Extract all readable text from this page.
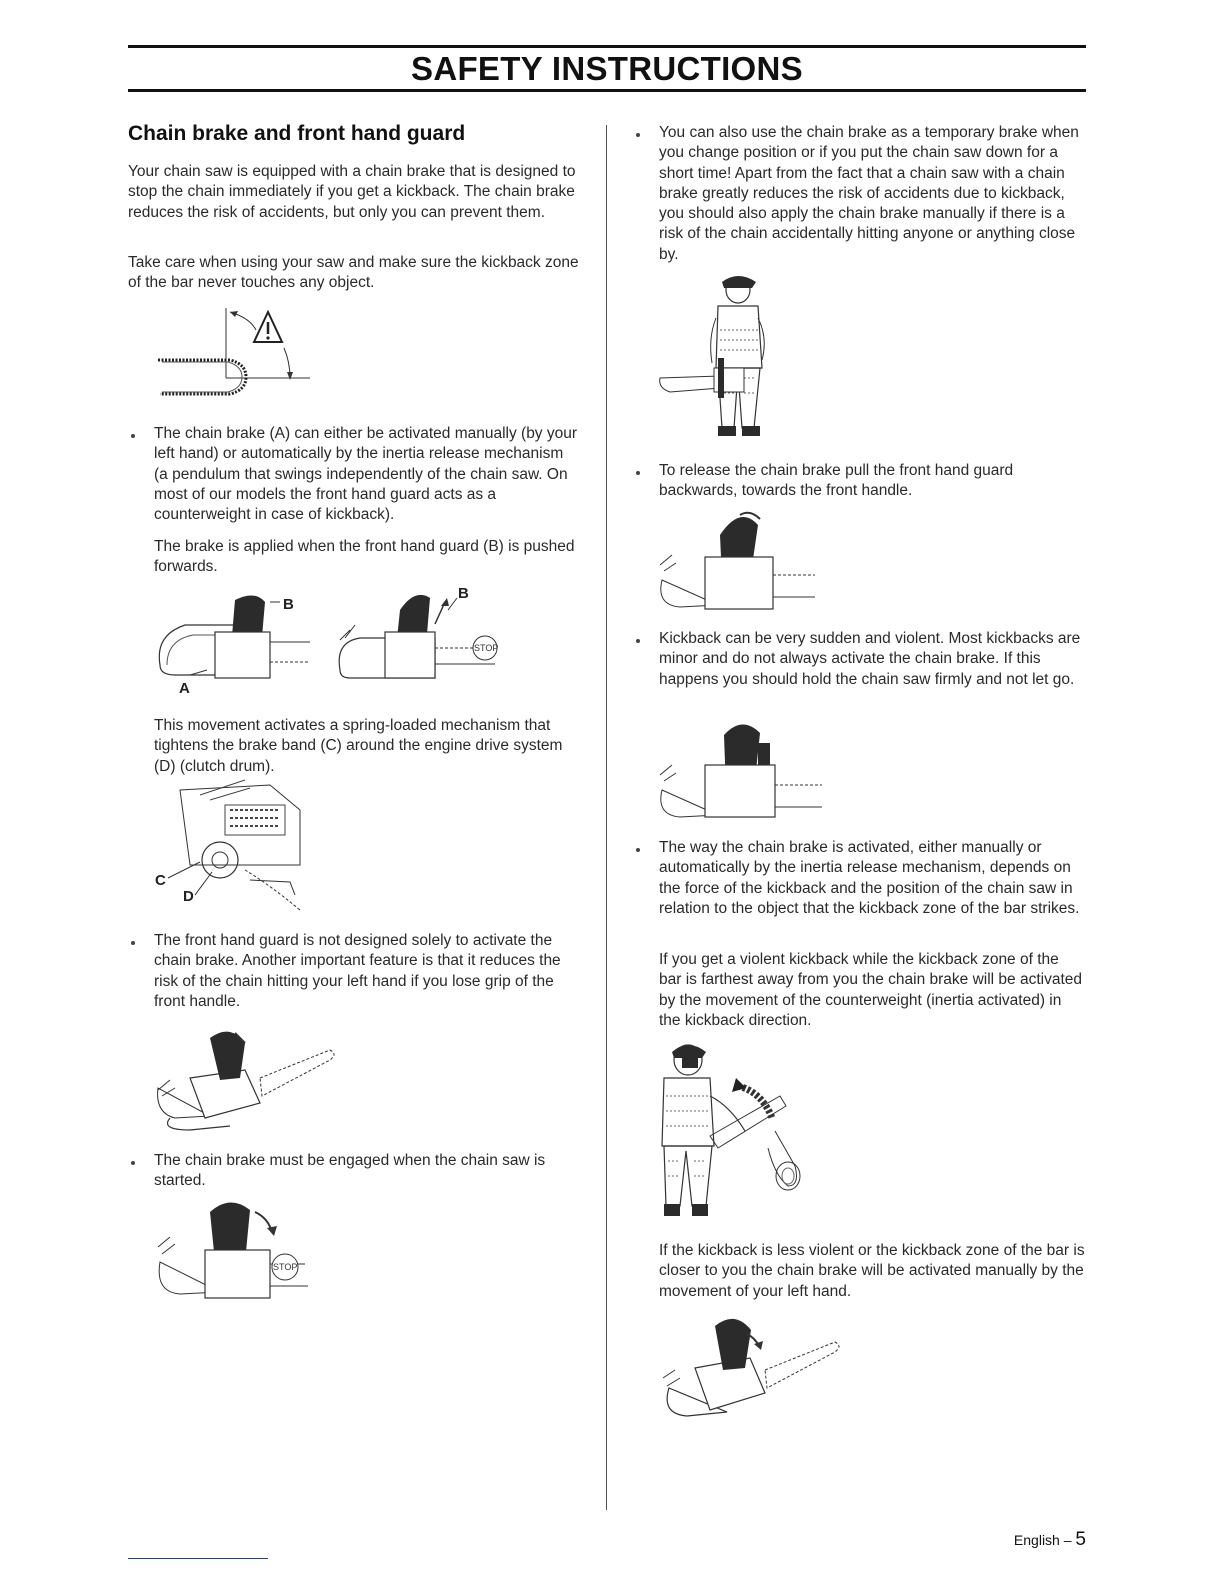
SAFETY INSTRUCTIONS
Chain brake and front hand guard

Your chain saw is equipped with a chain brake that is designed to stop the chain immediately if you get a kickback. The chain brake reduces the risk of accidents, but only you can prevent them.

Take care when using your saw and make sure the kickback zone of the bar never touches any object.

The chain brake (A) can either be activated manually (by your left hand) or automatically by the inertia release mechanism (a pendulum that swings independently of the chain saw. On most of our models the front hand guard acts as a counterweight in case of kickback).

The brake is applied when the front hand guard (B) is pushed forwards.

B
A
B
STOP

This movement activates a spring-loaded mechanism that tightens the brake band (C) around the engine drive system (D) (clutch drum).

C
D

The front hand guard is not designed solely to activate the chain brake. Another important feature is that it reduces the risk of the chain hitting your left hand if you lose grip of the front handle.

The chain brake must be engaged when the chain saw is started.

STOP

You can also use the chain brake as a temporary brake when you change position or if you put the chain saw down for a short time! Apart from the fact that a chain saw with a chain brake greatly reduces the risk of accidents due to kickback, you should also apply the chain brake manually if there is a risk of the chain accidentally hitting anyone or anything close by.

To release the chain brake pull the front hand guard backwards, towards the front handle.

Kickback can be very sudden and violent. Most kickbacks are minor and do not always activate the chain brake. If this happens you should hold the chain saw firmly and not let go.

The way the chain brake is activated, either manually or automatically by the inertia release mechanism, depends on the force of the kickback and the position of the chain saw in relation to the object that the kickback zone of the bar strikes.

If you get a violent kickback while the kickback zone of the bar is farthest away from you the chain brake will be activated by the movement of the counterweight (inertia activated) in the kickback direction.

If the kickback is less violent or the kickback zone of the bar is closer to you the chain brake will be activated manually by the movement of your left hand.

English – 5
